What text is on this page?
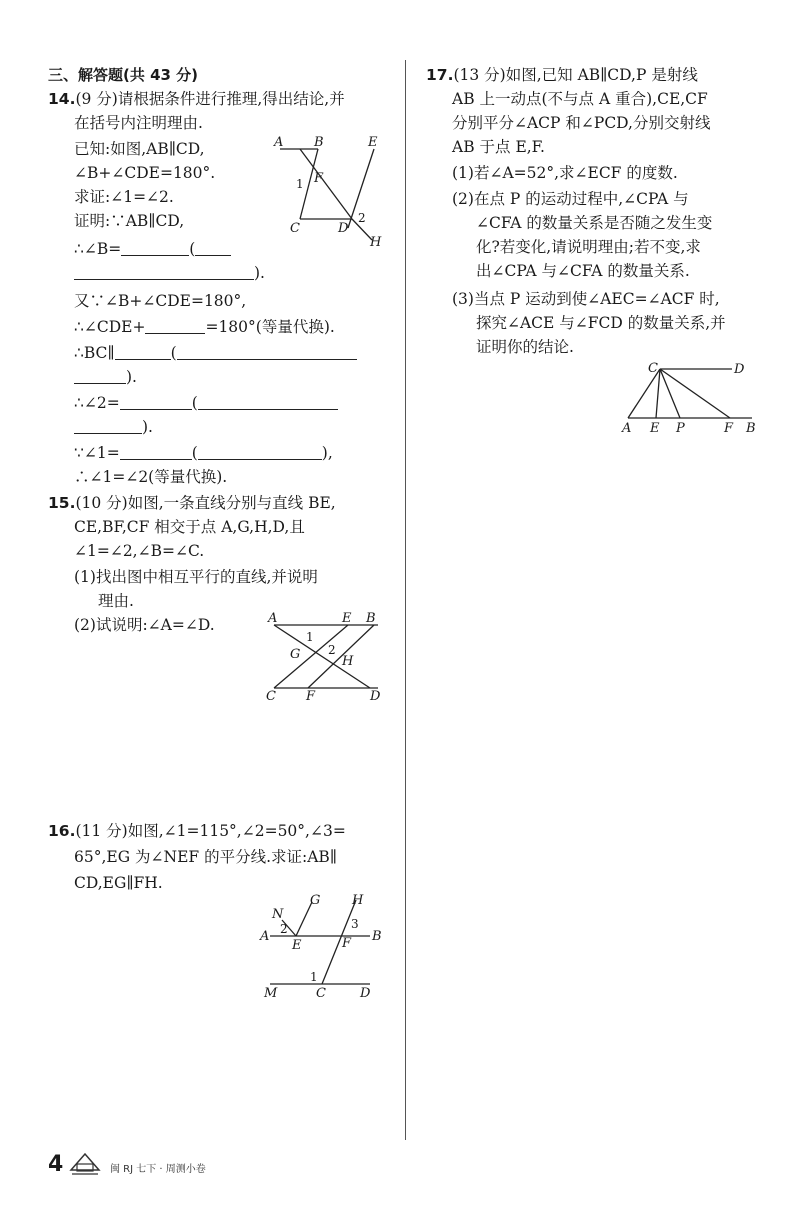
三、解答题(共 43 分)
14.(9 分)请根据条件进行推理,得出结论,并
在括号内注明理由.
已知:如图,AB∥CD,
∠B+∠CDE=180°.
求证:∠1=∠2.
证明:∵AB∥CD,
∴∠B=	(
).
又∵∠B+∠CDE=180°,
∴∠CDE+	=180°(等量代换).
∴BC∥	(
).
∴∠2=	(
).
∵∠1=	(	),
∴∠1=∠2(等量代换).
A B	E
F
C	D
H
1
2
15.(10 分)如图,一条直线分别与直线 BE,
CE,BF,CF 相交于点 A,G,H,D,且
∠1=∠2,∠B=∠C.
(1)找出图中相互平行的直线,并说明
理由.
(2)试说明:∠A=∠D.	A	E B
G
1
2
H
C F	D
16.(11 分)如图,∠1=115°,∠2=50°,∠3=
65°,EG 为∠NEF 的平分线.求证:AB∥
CD,EG∥FH.
N
G H
A 2
E
3
F B
1
M	C	D
17.(13 分)如图,已知 AB∥CD,P 是射线
AB 上一动点(不与点 A 重合),CE,CF
分别平分∠ACP 和∠PCD,分别交射线
AB 于点 E,F.
(1)若∠A=52°,求∠ECF 的度数.
(2)在点 P 的运动过程中,∠CPA 与
∠CFA 的数量关系是否随之发生变
化?若变化,请说明理由;若不变,求
出∠CPA 与∠CFA 的数量关系.
(3)当点 P 运动到使∠AEC=∠ACF 时,
探究∠ACE 与∠FCD 的数量关系,并
证明你的结论.
C	D
A E P	F B
4	闽 RJ 七下 · 周测小卷
